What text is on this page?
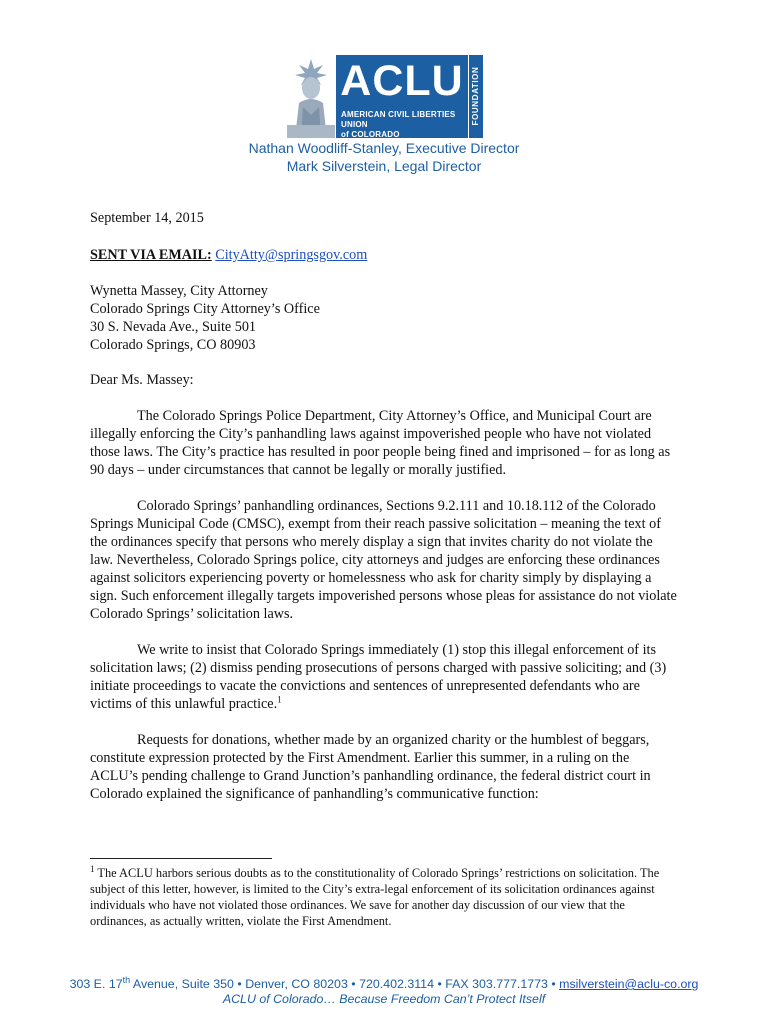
ACLU
AMERICAN CIVIL LIBERTIES UNION
of COLORADO
FOUNDATION
Nathan Woodliff-Stanley, Executive Director
Mark Silverstein, Legal Director

September 14, 2015

SENT VIA EMAIL: CityAtty@springsgov.com

Wynetta Massey, City Attorney

Colorado Springs City Attorney’s Office

30 S. Nevada Ave., Suite 501

Colorado Springs, CO 80903

Dear Ms. Massey:

The Colorado Springs Police Department, City Attorney’s Office, and Municipal Court are illegally enforcing the City’s panhandling laws against impoverished people who have not violated those laws. The City’s practice has resulted in poor people being fined and imprisoned – for as long as 90 days – under circumstances that cannot be legally or morally justified.

Colorado Springs’ panhandling ordinances, Sections 9.2.111 and 10.18.112 of the Colorado Springs Municipal Code (CMSC), exempt from their reach passive solicitation – meaning the text of the ordinances specify that persons who merely display a sign that invites charity do not violate the law. Nevertheless, Colorado Springs police, city attorneys and judges are enforcing these ordinances against solicitors experiencing poverty or homelessness who ask for charity simply by displaying a sign. Such enforcement illegally targets impoverished persons whose pleas for assistance do not violate Colorado Springs’ solicitation laws.

We write to insist that Colorado Springs immediately (1) stop this illegal enforcement of its solicitation laws; (2) dismiss pending prosecutions of persons charged with passive soliciting; and (3) initiate proceedings to vacate the convictions and sentences of unrepresented defendants who are victims of this unlawful practice.$^1$

Requests for donations, whether made by an organized charity or the humblest of beggars, constitute expression protected by the First Amendment. Earlier this summer, in a ruling on the ACLU’s pending challenge to Grand Junction’s panhandling ordinance, the federal district court in Colorado explained the significance of panhandling’s communicative function:

$^1$ The ACLU harbors serious doubts as to the constitutionality of Colorado Springs’ restrictions on solicitation. The subject of this letter, however, is limited to the City’s extra-legal enforcement of its solicitation ordinances against individuals who have not violated those ordinances. We save for another day discussion of our view that the ordinances, as actually written, violate the First Amendment.

303 E. 17th Avenue, Suite 350 • Denver, CO 80203 • 720.402.3114 • FAX 303.777.1773 • msilverstein@aclu-co.org
ACLU of Colorado… Because Freedom Can’t Protect Itself
